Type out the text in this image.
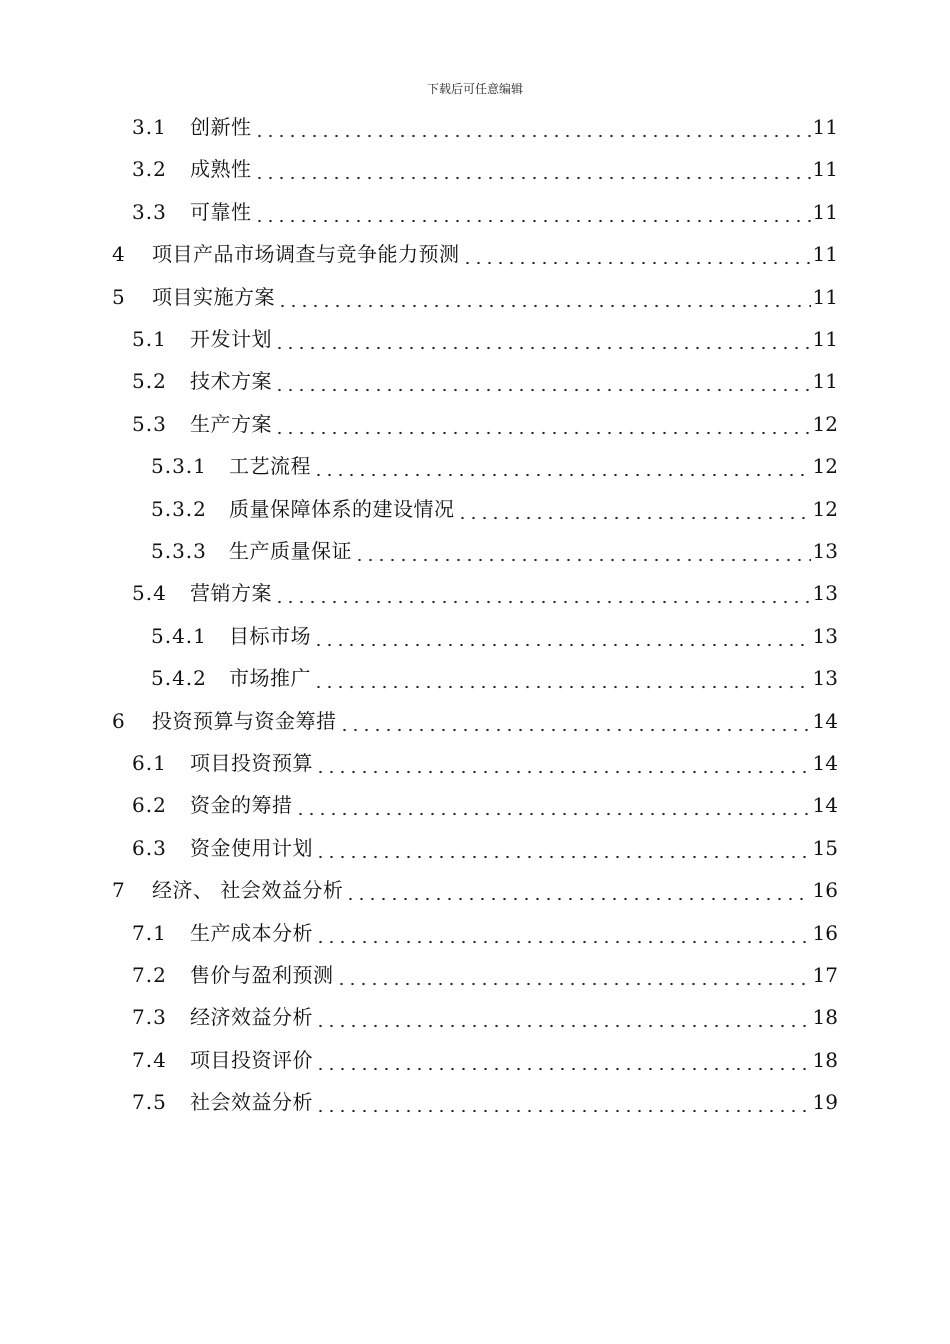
下载后可任意编辑
3.1	创新性	11
3.2	成熟性	11
3.3	可靠性	11
4	项目产品市场调查与竞争能力预测	11
5	项目实施方案	11
5.1	开发计划	11
5.2	技术方案	11
5.3	生产方案	12
5.3.1	工艺流程	12
5.3.2	质量保障体系的建设情况	12
5.3.3	生产质量保证	13
5.4	营销方案	13
5.4.1	目标市场	13
5.4.2	市场推广	13
6	投资预算与资金筹措	14
6.1	项目投资预算	14
6.2	资金的筹措	14
6.3	资金使用计划	15
7	经济、 社会效益分析	16
7.1	生产成本分析	16
7.2	售价与盈利预测	17
7.3	经济效益分析	18
7.4	项目投资评价	18
7.5	社会效益分析	19
